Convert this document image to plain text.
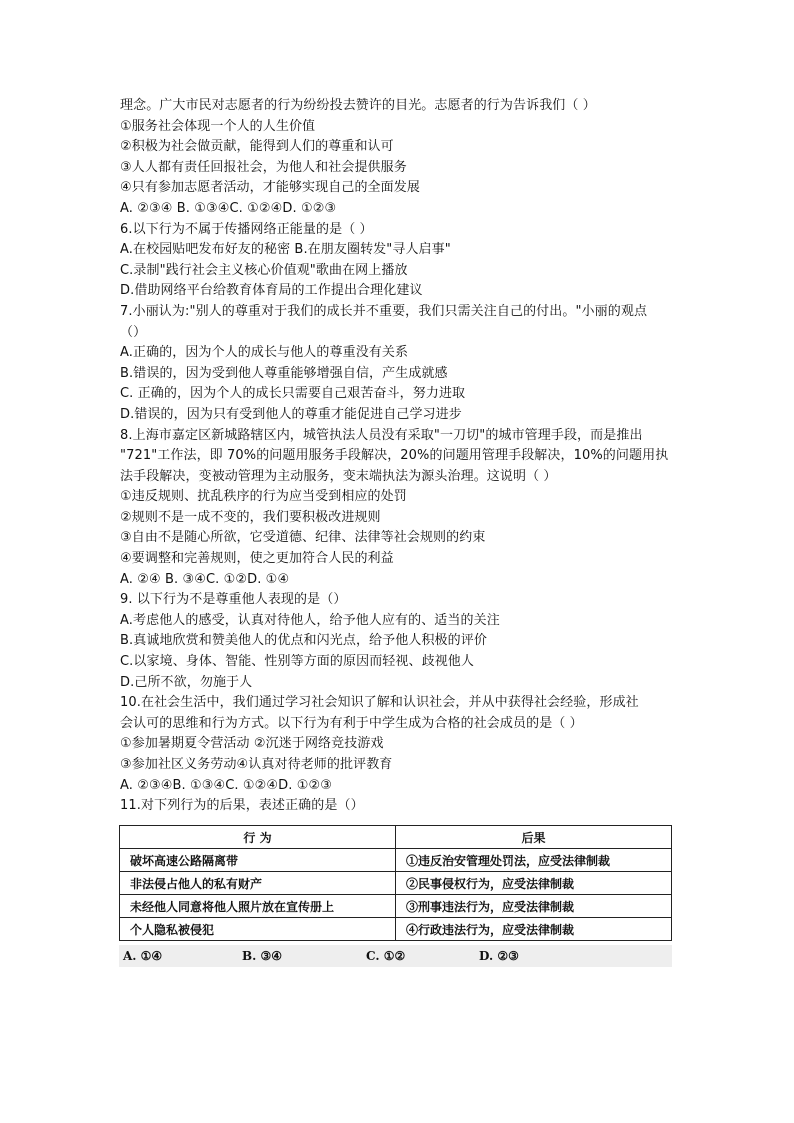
理念。广大市民对志愿者的行为纷纷投去赞许的目光。志愿者的行为告诉我们（ ）
①服务社会体现一个人的人生价值
②积极为社会做贡献，能得到人们的尊重和认可
③人人都有责任回报社会，为他人和社会提供服务
④只有参加志愿者活动，才能够实现自己的全面发展
A. ②③④ B. ①③④C. ①②④D. ①②③
6.以下行为不属于传播网络正能量的是（ ）
A.在校园贴吧发布好友的秘密 B.在朋友圈转发"寻人启事"
C.录制"践行社会主义核心价值观"歌曲在网上播放
D.借助网络平台给教育体育局的工作提出合理化建议
7.小丽认为:"别人的尊重对于我们的成长并不重要，我们只需关注自己的付出。"小丽的观点
（）
A.正确的，因为个人的成长与他人的尊重没有关系
B.错误的，因为受到他人尊重能够增强自信，产生成就感
C. 正确的，因为个人的成长只需要自己艰苦奋斗，努力进取
D.错误的，因为只有受到他人的尊重才能促进自己学习进步
8.上海市嘉定区新城路辖区内，城管执法人员没有采取"一刀切"的城市管理手段，而是推出
"721"工作法，即 70%的问题用服务手段解决，20%的问题用管理手段解决，10%的问题用执
法手段解决，变被动管理为主动服务，变末端执法为源头治理。这说明（ ）
①违反规则、扰乱秩序的行为应当受到相应的处罚
②规则不是一成不变的，我们要积极改进规则
③自由不是随心所欲，它受道德、纪律、法律等社会规则的约束
④要调整和完善规则，使之更加符合人民的利益
A. ②④ B. ③④C. ①②D. ①④
9. 以下行为不是尊重他人表现的是（）
A.考虑他人的感受，认真对待他人，给予他人应有的、适当的关注
B.真诚地欣赏和赞美他人的优点和闪光点，给予他人积极的评价
C.以家境、身体、智能、性别等方面的原因而轻视、歧视他人
D.己所不欲，勿施于人
10.在社会生活中，我们通过学习社会知识了解和认识社会，并从中获得社会经验，形成社
会认可的思维和行为方式。以下行为有利于中学生成为合格的社会成员的是（ ）
①参加暑期夏令营活动 ②沉迷于网络竞技游戏
③参加社区义务劳动④认真对待老师的批评教育
A. ②③④B. ①③④C. ①②④D. ①②③
11.对下列行为的后果，表述正确的是（）
行 为	后果
破坏高速公路隔离带	①违反治安管理处罚法，应受法律制裁
非法侵占他人的私有财产	②民事侵权行为，应受法律制裁
未经他人同意将他人照片放在宣传册上	③刑事违法行为，应受法律制裁
个人隐私被侵犯	④行政违法行为，应受法律制裁
A. ①④	B. ③④	C. ①②	D. ②③
